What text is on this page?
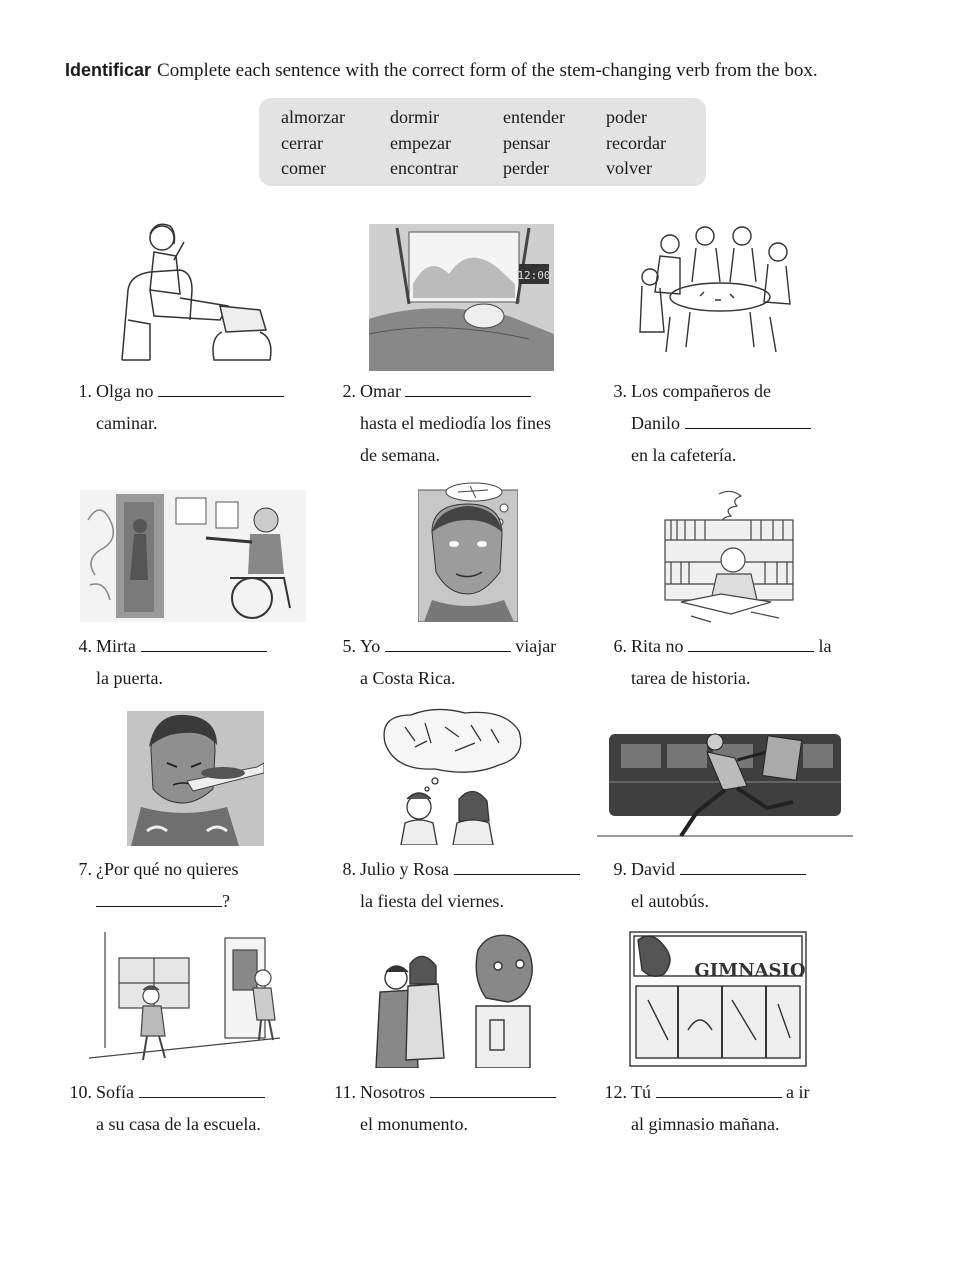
Identificar Complete each sentence with the correct form of the stem-changing verb from the box.
almorzar
cerrar
comer
dormir
empezar
encontrar
entender
pensar
perder
poder
recordar
volver
12:00
GIMNASIO
1. Olga no
caminar.
2. Omar
hasta el mediodía los fines
de semana.
3. Los compañeros de
Danilo
en la cafetería.
4. Mirta
la puerta.
5. Yo	viajar
a Costa Rica.
6. Rita no	la
tarea de historia.
7. ¿Por qué no quieres
?
8. Julio y Rosa
la fiesta del viernes.
9. David
el autobús.
10. Sofía
a su casa de la escuela.
11. Nosotros
el monumento.
12. Tú	a ir
al gimnasio mañana.
